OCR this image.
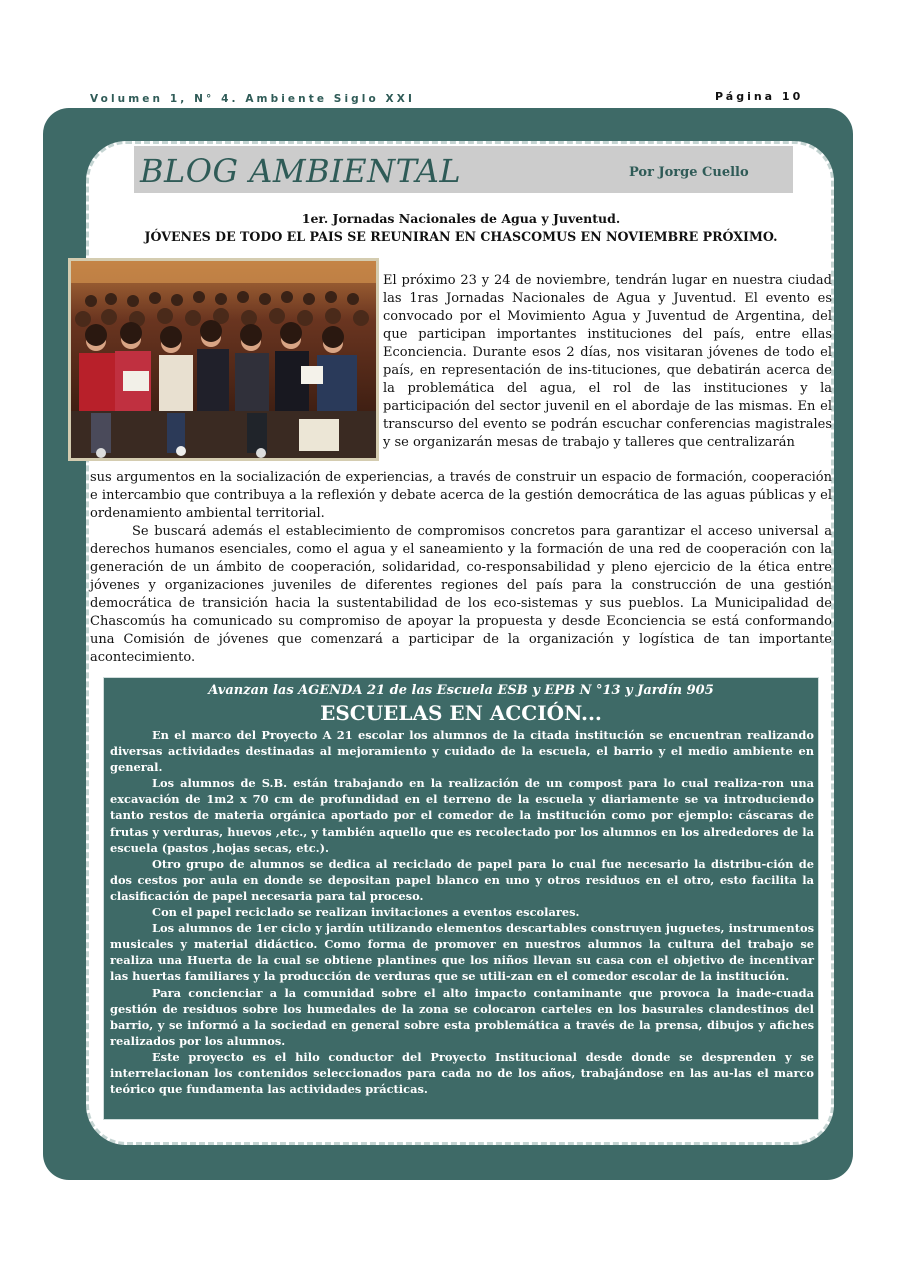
Volumen 1, N° 4. Ambiente Siglo XXI	Página 10
BLOG AMBIENTAL	Por Jorge Cuello
1er. Jornadas Nacionales de Agua y Juventud.
JÓVENES DE TODO EL PAIS SE REUNIRAN EN CHASCOMUS EN NOVIEMBRE PRÓXIMO.

El próximo 23 y 24 de noviembre, tendrán lugar en nuestra ciudad las 1ras Jornadas Nacionales de Agua y Juventud. El evento es convocado por el Movimiento Agua y Juventud de Argentina, del que participan importantes instituciones del país, entre ellas Econciencia. Durante esos 2 días, nos visitaran jóvenes de todo el país, en representación de ins-tituciones, que debatirán acerca de la problemática del agua, el rol de las instituciones y la participación del sector juvenil en el abordaje de las mismas. En el transcurso del evento se podrán escuchar conferencias magistrales y se organizarán mesas de trabajo y talleres que centralizarán

sus argumentos en la socialización de experiencias, a través de construir un espacio de formación, cooperación e intercambio que contribuya a la reflexión y debate acerca de la gestión democrática de las aguas públicas y el ordenamiento ambiental territorial.

Se buscará además el establecimiento de compromisos concretos para garantizar el acceso universal a derechos humanos esenciales, como el agua y el saneamiento y la formación de una red de cooperación con la generación de un ámbito de cooperación, solidaridad, co-responsabilidad y pleno ejercicio de la ética entre jóvenes y organizaciones juveniles de diferentes regiones del país para la construcción de una gestión democrática de transición hacia la sustentabilidad de los eco-sistemas y sus pueblos. La Municipalidad de Chascomús ha comunicado su compromiso de apoyar la propuesta y desde Econciencia se está conformando una Comisión de jóvenes que comenzará a participar de la organización y logística de tan importante acontecimiento.

Avanzan las AGENDA 21 de las Escuela ESB y EPB N °13 y Jardín 905
ESCUELAS EN ACCIÓN...

En el marco del Proyecto A 21 escolar los alumnos de la citada institución se encuentran realizando diversas actividades destinadas al mejoramiento y cuidado de la escuela, el barrio y el medio ambiente en general.

Los alumnos de S.B. están trabajando en la realización de un compost para lo cual realiza-ron una excavación de 1m2 x 70 cm de profundidad en el terreno de la escuela y diariamente se va introduciendo tanto restos de materia orgánica aportado por el comedor de la institución como por ejemplo: cáscaras de frutas y verduras, huevos ,etc., y también aquello que es recolectado por los alumnos en los alrededores de la escuela (pastos ,hojas secas, etc.).

Otro grupo de alumnos se dedica al reciclado de papel para lo cual fue necesario la distribu-ción de dos cestos por aula en donde se depositan papel blanco en uno y otros residuos en el otro, esto facilita la clasificación de papel necesaria para tal proceso.

Con el papel reciclado se realizan invitaciones a eventos escolares.

Los alumnos de 1er ciclo y jardín utilizando elementos descartables construyen juguetes, instrumentos musicales y material didáctico. Como forma de promover en nuestros alumnos la cultura del trabajo se realiza una Huerta de la cual se obtiene plantines que los niños llevan su casa con el objetivo de incentivar las huertas familiares y la producción de verduras que se utili-zan en el comedor escolar de la institución.

Para concienciar a la comunidad sobre el alto impacto contaminante que provoca la inade-cuada gestión de residuos sobre los humedales de la zona se colocaron carteles en los basurales clandestinos del barrio, y se informó a la sociedad en general sobre esta problemática a través de la prensa, dibujos y afiches realizados por los alumnos.

Este proyecto es el hilo conductor del Proyecto Institucional desde donde se desprenden y se interrelacionan los contenidos seleccionados para cada no de los años, trabajándose en las au-las el marco teórico que fundamenta las actividades prácticas.
